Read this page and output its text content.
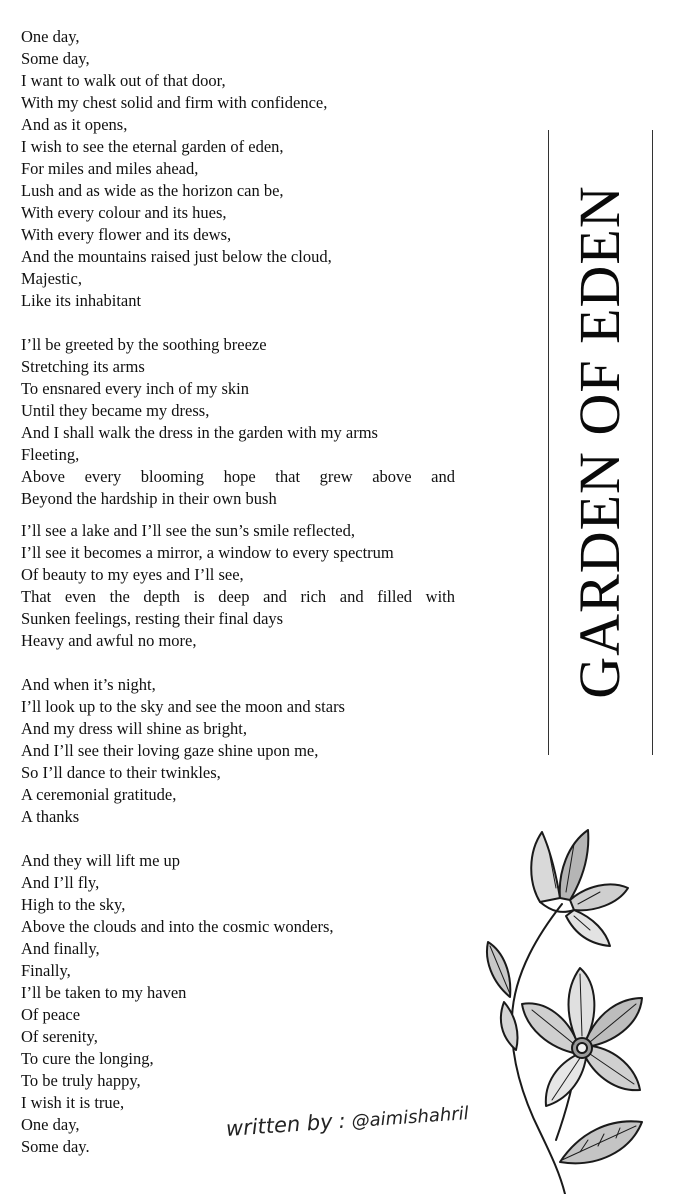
One day,
Some day,
I want to walk out of that door,
With my chest solid and firm with confidence,
And as it opens,
I wish to see the eternal garden of eden,
For miles and miles ahead,
Lush and as wide as the horizon can be,
With every colour and its hues,
With every flower and its dews,
And the mountains raised just below the cloud,
Majestic,
Like its inhabitant
I’ll be greeted by the soothing breeze
Stretching its arms
To ensnared every inch of my skin
Until they became my dress,
And I shall walk the dress in the garden with my arms
Fleeting,
Above every blooming hope that grew above and
Beyond the hardship in their own bush
I’ll see a lake and I’ll see the sun’s smile reflected,
I’ll see it becomes a mirror, a window to every spectrum
Of beauty to my eyes and I’ll see,
That even the depth is deep and rich and filled with
Sunken feelings, resting their final days
Heavy and awful no more,
And when it’s night,
I’ll look up to the sky and see the moon and stars
And my dress will shine as bright,
And I’ll see their loving gaze shine upon me,
So I’ll dance to their twinkles,
A ceremonial gratitude,
A thanks
And they will lift me up
And I’ll fly,
High to the sky,
Above the clouds and into the cosmic wonders,
And finally,
Finally,
I’ll be taken to my haven
Of peace
Of serenity,
To cure the longing,
To be truly happy,
I wish it is true,
One day,
Some day.
GARDEN OF EDEN
written by : @aimishahril
